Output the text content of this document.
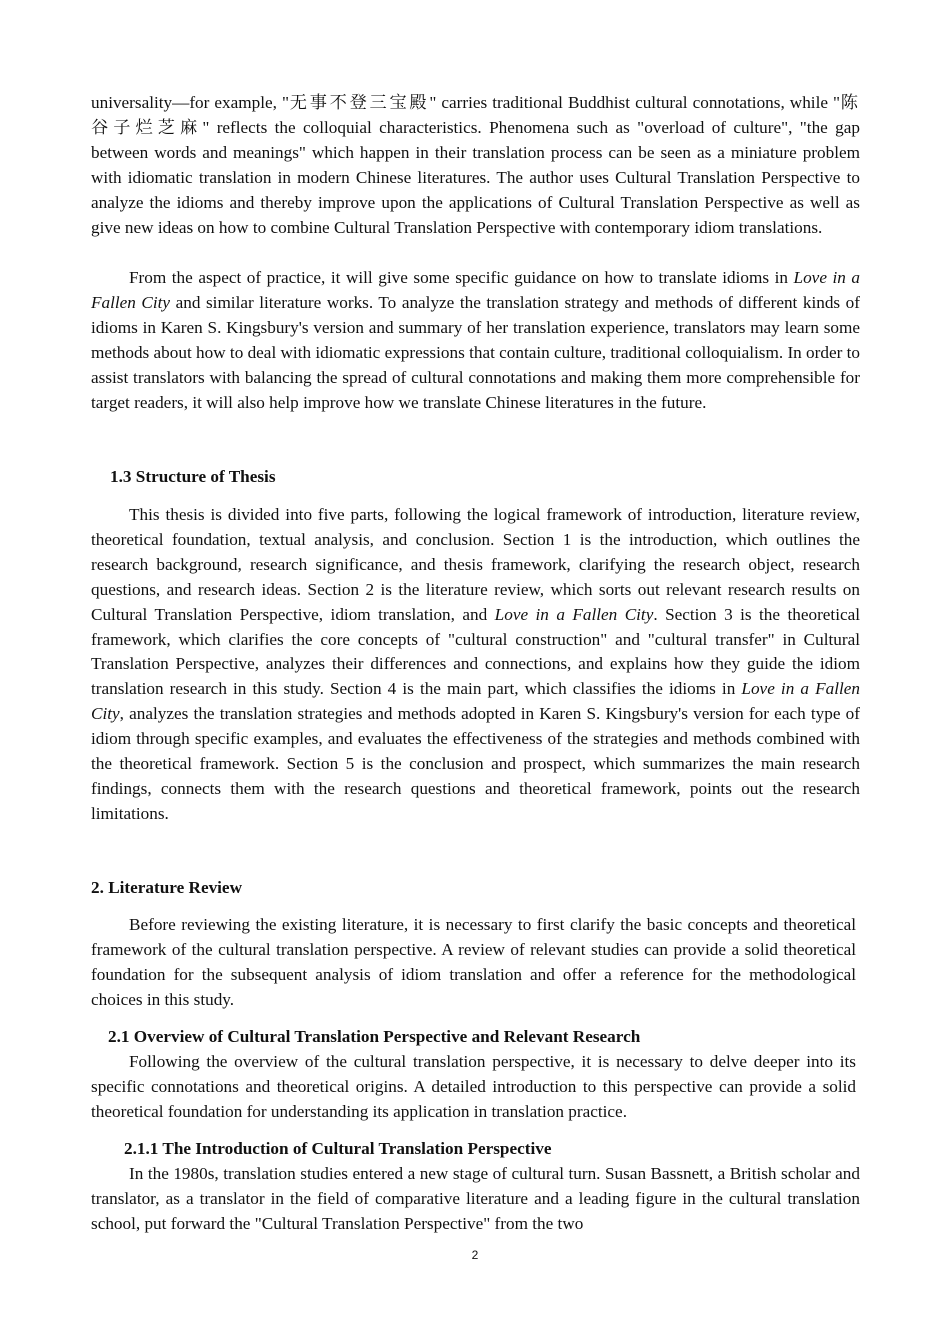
universality—for example, "无事不登三宝殿" carries traditional Buddhist cultural connotations, while "陈谷子烂芝麻" reflects the colloquial characteristics. Phenomena such as "overload of culture", "the gap between words and meanings" which happen in their translation process can be seen as a miniature problem with idiomatic translation in modern Chinese literatures. The author uses Cultural Translation Perspective to analyze the idioms and thereby improve upon the applications of Cultural Translation Perspective as well as give new ideas on how to combine Cultural Translation Perspective with contemporary idiom translations.

From the aspect of practice, it will give some specific guidance on how to translate idioms in Love in a Fallen City and similar literature works. To analyze the translation strategy and methods of different kinds of idioms in Karen S. Kingsbury's version and summary of her translation experience, translators may learn some methods about how to deal with idiomatic expressions that contain culture, traditional colloquialism. In order to assist translators with balancing the spread of cultural connotations and making them more comprehensible for target readers, it will also help improve how we translate Chinese literatures in the future.

1.3 Structure of Thesis

This thesis is divided into five parts, following the logical framework of introduction, literature review, theoretical foundation, textual analysis, and conclusion. Section 1 is the introduction, which outlines the research background, research significance, and thesis framework, clarifying the research object, research questions, and research ideas. Section 2 is the literature review, which sorts out relevant research results on Cultural Translation Perspective, idiom translation, and Love in a Fallen City. Section 3 is the theoretical framework, which clarifies the core concepts of "cultural construction" and "cultural transfer" in Cultural Translation Perspective, analyzes their differences and connections, and explains how they guide the idiom translation research in this study. Section 4 is the main part, which classifies the idioms in Love in a Fallen City, analyzes the translation strategies and methods adopted in Karen S. Kingsbury's version for each type of idiom through specific examples, and evaluates the effectiveness of the strategies and methods combined with the theoretical framework. Section 5 is the conclusion and prospect, which summarizes the main research findings, connects them with the research questions and theoretical framework, points out the research limitations.

2. Literature Review

Before reviewing the existing literature, it is necessary to first clarify the basic concepts and theoretical framework of the cultural translation perspective. A review of relevant studies can provide a solid theoretical foundation for the subsequent analysis of idiom translation and offer a reference for the methodological choices in this study.

2.1 Overview of Cultural Translation Perspective and Relevant Research

Following the overview of the cultural translation perspective, it is necessary to delve deeper into its specific connotations and theoretical origins. A detailed introduction to this perspective can provide a solid theoretical foundation for understanding its application in translation practice.

2.1.1 The Introduction of Cultural Translation Perspective

In the 1980s, translation studies entered a new stage of cultural turn. Susan Bassnett, a British scholar and translator, as a translator in the field of comparative literature and a leading figure in the cultural translation school, put forward the "Cultural Translation Perspective" from the two

2
